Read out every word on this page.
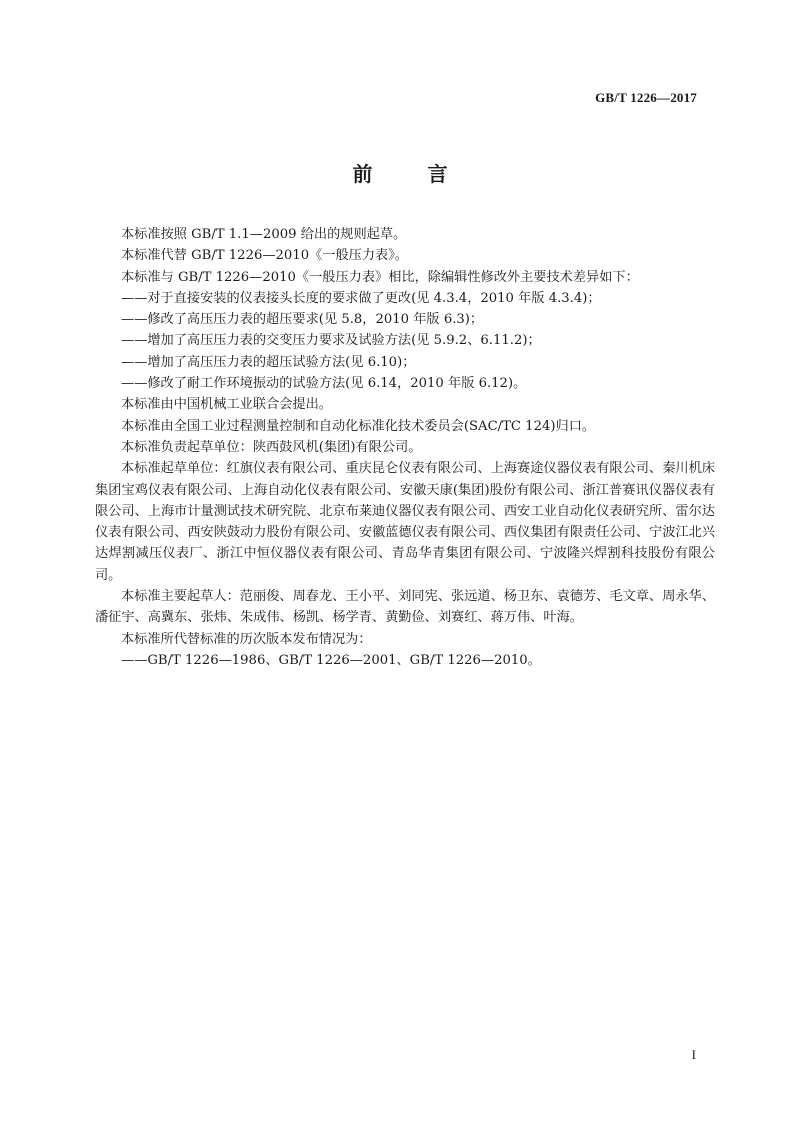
GB/T 1226—2017
前 言

本标准按照 GB/T 1.1—2009 给出的规则起草。

本标准代替 GB/T 1226—2010《一般压力表》。

本标准与 GB/T 1226—2010《一般压力表》相比，除编辑性修改外主要技术差异如下：

——对于直接安装的仪表接头长度的要求做了更改(见 4.3.4，2010 年版 4.3.4)；

——修改了高压压力表的超压要求(见 5.8，2010 年版 6.3)；

——增加了高压压力表的交变压力要求及试验方法(见 5.9.2、6.11.2)；

——增加了高压压力表的超压试验方法(见 6.10)；

——修改了耐工作环境振动的试验方法(见 6.14，2010 年版 6.12)。

本标准由中国机械工业联合会提出。

本标准由全国工业过程测量控制和自动化标准化技术委员会(SAC/TC 124)归口。

本标准负责起草单位：陕西鼓风机(集团)有限公司。

本标准起草单位：红旗仪表有限公司、重庆昆仑仪表有限公司、上海赛途仪器仪表有限公司、秦川机床集团宝鸡仪表有限公司、上海自动化仪表有限公司、安徽天康(集团)股份有限公司、浙江普赛讯仪器仪表有限公司、上海市计量测试技术研究院、北京布莱迪仪器仪表有限公司、西安工业自动化仪表研究所、雷尔达仪表有限公司、西安陕鼓动力股份有限公司、安徽蓝德仪表有限公司、西仪集团有限责任公司、宁波江北兴达焊割减压仪表厂、浙江中恒仪器仪表有限公司、青岛华青集团有限公司、宁波隆兴焊割科技股份有限公司。

本标准主要起草人：范丽俊、周春龙、王小平、刘同宪、张远道、杨卫东、袁德芳、毛文章、周永华、潘征宇、高冀东、张炜、朱成伟、杨凯、杨学青、黄勤俭、刘赛红、蒋万伟、叶海。

本标准所代替标准的历次版本发布情况为：

——GB/T 1226—1986、GB/T 1226—2001、GB/T 1226—2010。

I
